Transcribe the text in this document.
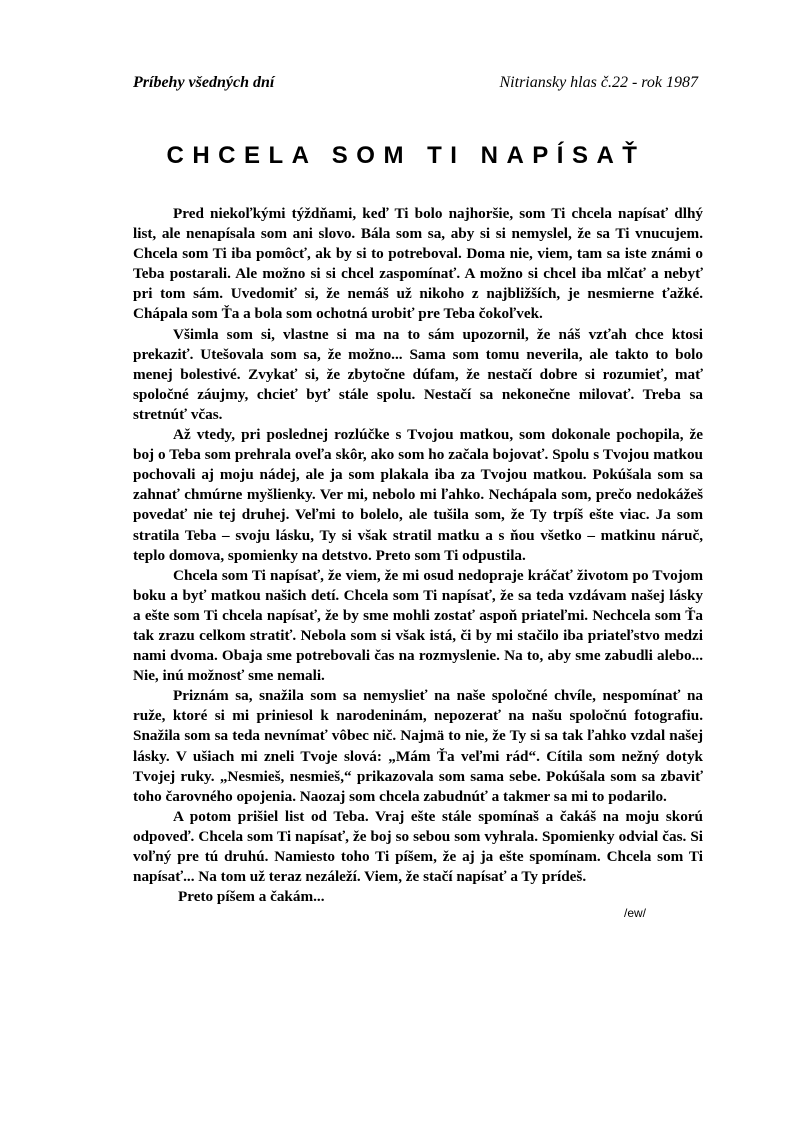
Príbehy všedných dní	Nitriansky hlas č.22 - rok 1987
CHCELA SOM TI NAPÍSAŤ

Pred niekoľkými týždňami, keď Ti bolo najhoršie, som Ti chcela napísať dlhý list, ale nenapísala som ani slovo. Bála som sa, aby si si nemyslel, že sa Ti vnucujem. Chcela som Ti iba pomôcť, ak by si to potreboval. Doma nie, viem, tam sa iste známi o Teba postarali. Ale možno si si chcel zaspomínať. A možno si chcel iba mlčať a nebyť pri tom sám. Uvedomiť si, že nemáš už nikoho z najbližších, je nesmierne ťažké. Chápala som Ťa a bola som ochotná urobiť pre Teba čokoľvek.

Všimla som si, vlastne si ma na to sám upozornil, že náš vzťah chce ktosi prekaziť. Utešovala som sa, že možno... Sama som tomu neverila, ale takto to bolo menej bolestivé. Zvykať si, že zbytočne dúfam, že nestačí dobre si rozumieť, mať spoločné záujmy, chcieť byť stále spolu. Nestačí sa nekonečne milovať. Treba sa stretnúť včas.

Až vtedy, pri poslednej rozlúčke s Tvojou matkou, som dokonale pochopila, že boj o Teba som prehrala oveľa skôr, ako som ho začala bojovať. Spolu s Tvojou matkou pochovali aj moju nádej, ale ja som plakala iba za Tvojou matkou. Pokúšala som sa zahnať chmúrne myšlienky. Ver mi, nebolo mi ľahko. Nechápala som, prečo nedokážeš povedať nie tej druhej. Veľmi to bolelo, ale tušila som, že Ty trpíš ešte viac. Ja som stratila Teba – svoju lásku, Ty si však stratil matku a s ňou všetko – matkinu náruč, teplo domova, spomienky na detstvo. Preto som Ti odpustila.

Chcela som Ti napísať, že viem, že mi osud nedopraje kráčať životom po Tvojom boku a byť matkou našich detí. Chcela som Ti napísať, že sa teda vzdávam našej lásky a ešte som Ti chcela napísať, že by sme mohli zostať aspoň priateľmi. Nechcela som Ťa tak zrazu celkom stratiť. Nebola som si však istá, či by mi stačilo iba priateľstvo medzi nami dvoma. Obaja sme potrebovali čas na rozmyslenie. Na to, aby sme zabudli alebo... Nie, inú možnosť sme nemali.

Priznám sa, snažila som sa nemyslieť na naše spoločné chvíle, nespomínať na ruže, ktoré si mi priniesol k narodeninám, nepozerať na našu spoločnú fotografiu. Snažila som sa teda nevnímať vôbec nič. Najmä to nie, že Ty si sa tak ľahko vzdal našej lásky. V ušiach mi zneli Tvoje slová: „Mám Ťa veľmi rád“. Cítila som nežný dotyk Tvojej ruky. „Nesmieš, nesmieš,“ prikazovala som sama sebe. Pokúšala som sa zbaviť toho čarovného opojenia. Naozaj som chcela zabudnúť a takmer sa mi to podarilo.

A potom prišiel list od Teba. Vraj ešte stále spomínaš a čakáš na moju skorú odpoveď. Chcela som Ti napísať, že boj so sebou som vyhrala. Spomienky odvial čas. Si voľný pre tú druhú. Namiesto toho Ti píšem, že aj ja ešte spomínam. Chcela som Ti napísať... Na tom už teraz nezáleží. Viem, že stačí napísať a Ty prídeš.

Preto píšem a čakám...

/ew/
